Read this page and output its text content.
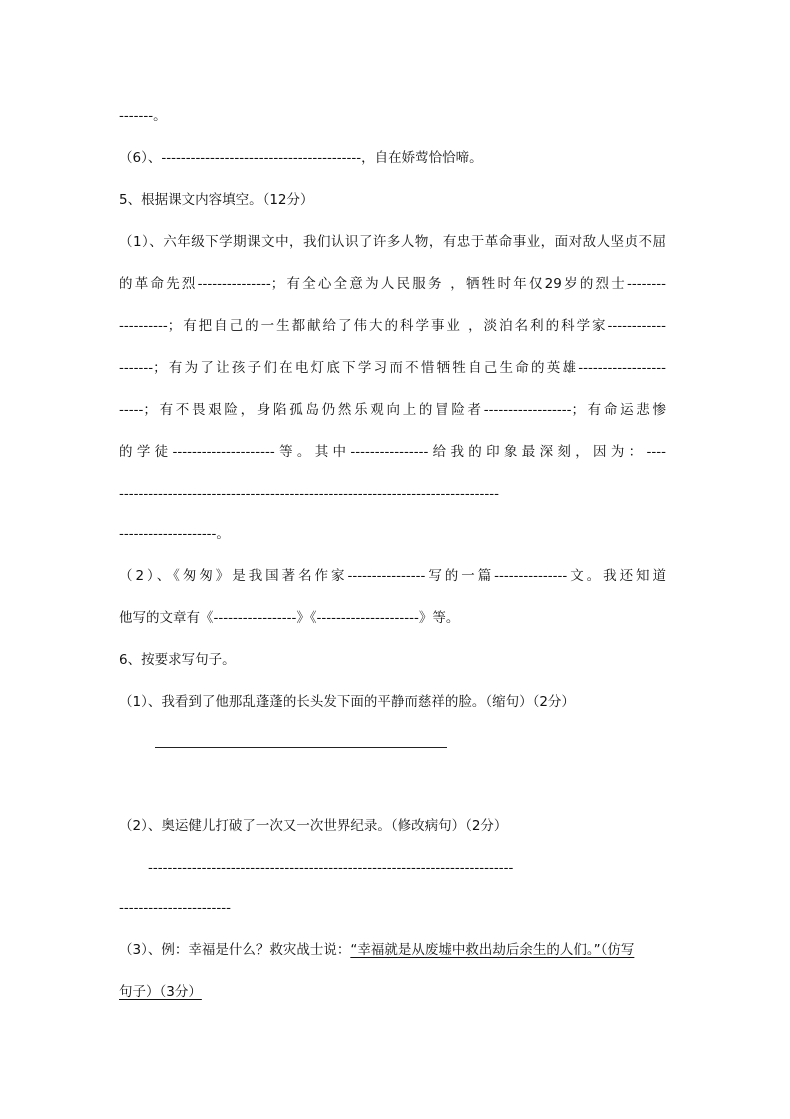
-------。
（6）、-----------------------------------------，自在娇莺恰恰啼。
5、根据课文内容填空。（12分）
（1）、六年级下学期课文中，我们认识了许多人物，有忠于革命事业，面对敌人坚贞不屈
的革命先烈---------------；有全心全意为人民服务 ，牺牲时年仅29岁的烈士--------
----------；有把自己的一生都献给了伟大的科学事业 ，淡泊名利的科学家------------
-------；有为了让孩子们在电灯底下学习而不惜牺牲自己生命的英雄------------------
-----；有不畏艰险，身陷孤岛仍然乐观向上的冒险者------------------；有命运悲惨
的学徒---------------------等。其中----------------给我的印象最深刻，因为：----
------------------------------------------------------------------------------
--------------------。
（2）、《匆匆》是我国著名作家----------------写的一篇---------------文。我还知道
他写的文章有《-----------------》《---------------------》等。
6、按要求写句子。
（1）、我看到了他那乱蓬蓬的长头发下面的平静而慈祥的脸。（缩句）（2分）
（2）、奥运健儿打破了一次又一次世界纪录。（修改病句）（2分）
---------------------------------------------------------------------------
-----------------------
（3）、例：幸福是什么？救灾战士说：“幸福就是从废墟中救出劫后余生的人们。”（仿写
句子）（3分）
